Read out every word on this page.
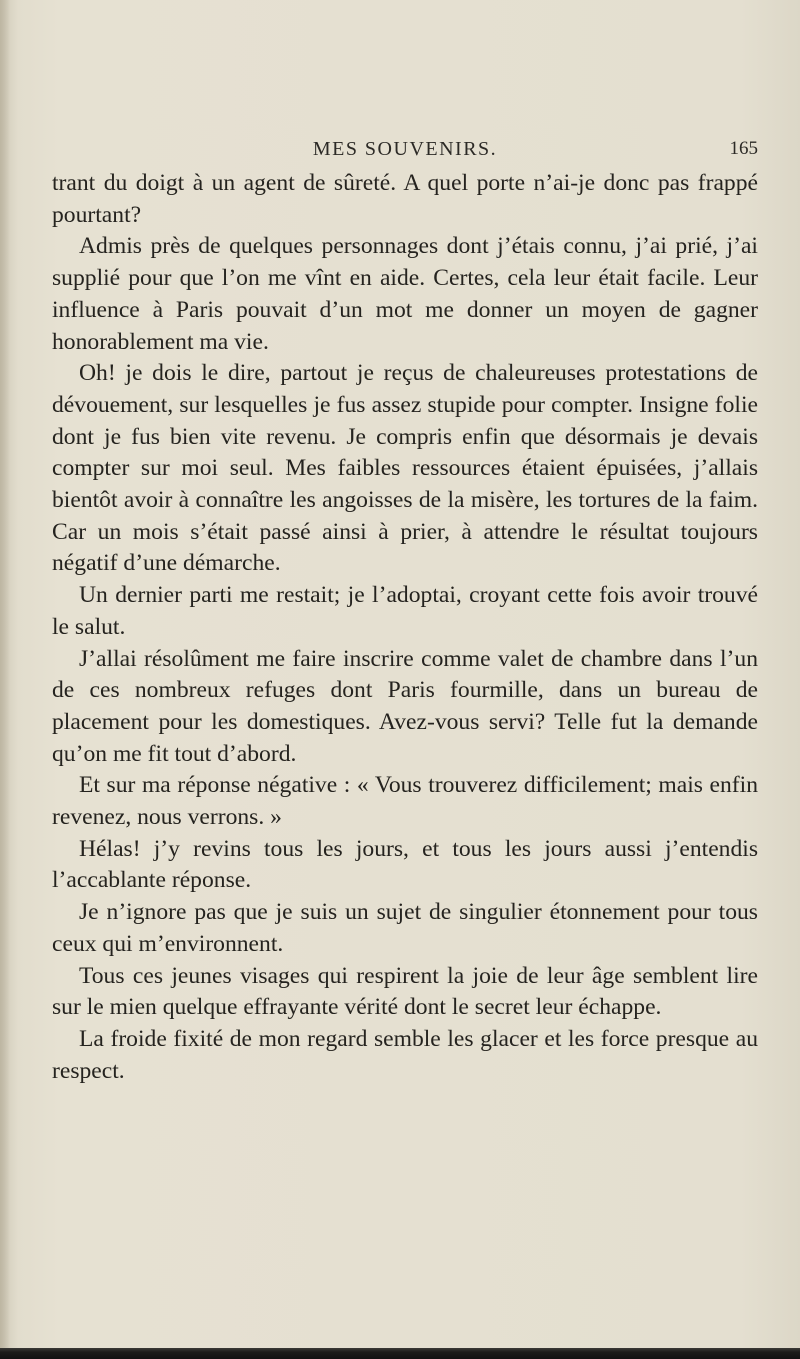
MES SOUVENIRS.	165

trant du doigt à un agent de sûreté. A quel porte n’ai-je donc pas frappé pourtant?

Admis près de quelques personnages dont j’étais connu, j’ai prié, j’ai supplié pour que l’on me vînt en aide. Certes, cela leur était facile. Leur influence à Paris pouvait d’un mot me donner un moyen de gagner honorablement ma vie.

Oh! je dois le dire, partout je reçus de chaleureuses protestations de dévouement, sur lesquelles je fus assez stupide pour compter. Insigne folie dont je fus bien vite revenu. Je compris enfin que désormais je devais compter sur moi seul. Mes faibles ressources étaient épuisées, j’allais bientôt avoir à connaître les angoisses de la misère, les tortures de la faim. Car un mois s’était passé ainsi à prier, à attendre le résultat toujours négatif d’une démarche.

Un dernier parti me restait; je l’adoptai, croyant cette fois avoir trouvé le salut.

J’allai résolûment me faire inscrire comme valet de chambre dans l’un de ces nombreux refuges dont Paris fourmille, dans un bureau de placement pour les domestiques. Avez-vous servi? Telle fut la demande qu’on me fit tout d’abord.

Et sur ma réponse négative : « Vous trouverez difficilement; mais enfin revenez, nous verrons. »

Hélas! j’y revins tous les jours, et tous les jours aussi j’entendis l’accablante réponse.

Je n’ignore pas que je suis un sujet de singulier étonnement pour tous ceux qui m’environnent.

Tous ces jeunes visages qui respirent la joie de leur âge semblent lire sur le mien quelque effrayante vérité dont le secret leur échappe.

La froide fixité de mon regard semble les glacer et les force presque au respect.
